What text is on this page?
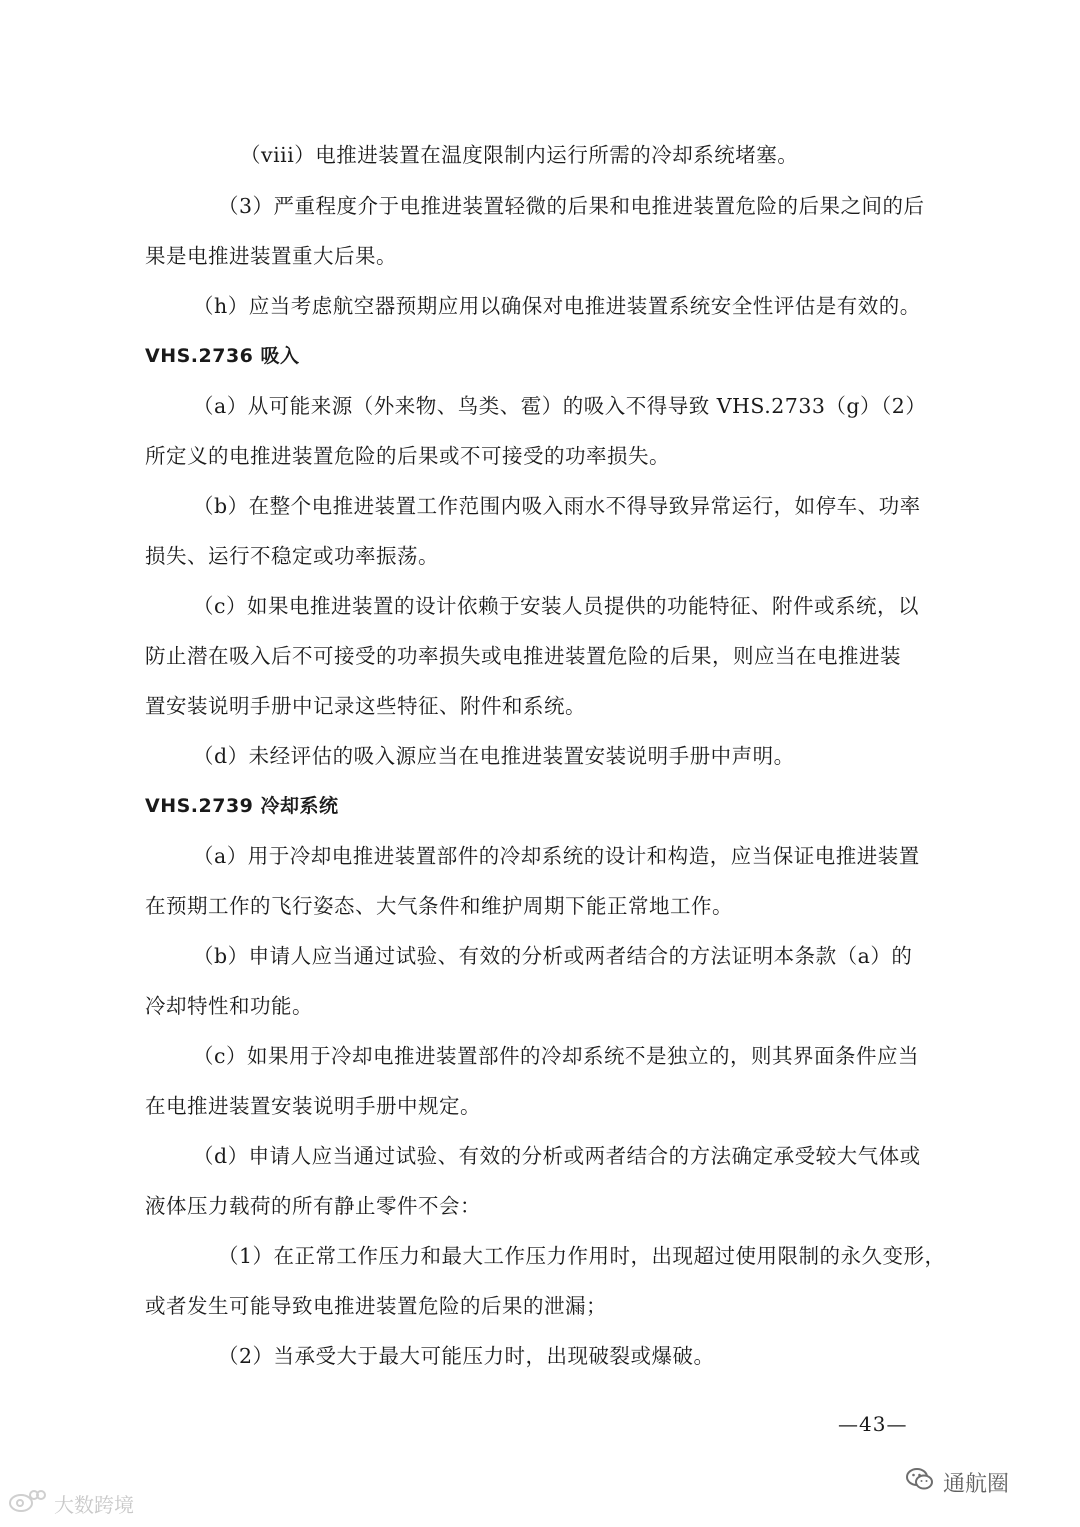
（viii）电推进装置在温度限制内运行所需的冷却系统堵塞。
（3）严重程度介于电推进装置轻微的后果和电推进装置危险的后果之间的后
果是电推进装置重大后果。
（h）应当考虑航空器预期应用以确保对电推进装置系统安全性评估是有效的。
VHS.2736 吸入
（a）从可能来源（外来物、鸟类、雹）的吸入不得导致 VHS.2733（g）（2）
所定义的电推进装置危险的后果或不可接受的功率损失。
（b）在整个电推进装置工作范围内吸入雨水不得导致异常运行，如停车、功率
损失、运行不稳定或功率振荡。
（c）如果电推进装置的设计依赖于安装人员提供的功能特征、附件或系统，以
防止潜在吸入后不可接受的功率损失或电推进装置危险的后果，则应当在电推进装
置安装说明手册中记录这些特征、附件和系统。
（d）未经评估的吸入源应当在电推进装置安装说明手册中声明。
VHS.2739 冷却系统
（a）用于冷却电推进装置部件的冷却系统的设计和构造，应当保证电推进装置
在预期工作的飞行姿态、大气条件和维护周期下能正常地工作。
（b）申请人应当通过试验、有效的分析或两者结合的方法证明本条款（a）的
冷却特性和功能。
（c）如果用于冷却电推进装置部件的冷却系统不是独立的，则其界面条件应当
在电推进装置安装说明手册中规定。
（d）申请人应当通过试验、有效的分析或两者结合的方法确定承受较大气体或
液体压力载荷的所有静止零件不会：
（1）在正常工作压力和最大工作压力作用时，出现超过使用限制的永久变形，
或者发生可能导致电推进装置危险的后果的泄漏；
（2）当承受大于最大可能压力时，出现破裂或爆破。
—43—
通航圈
大数跨境
